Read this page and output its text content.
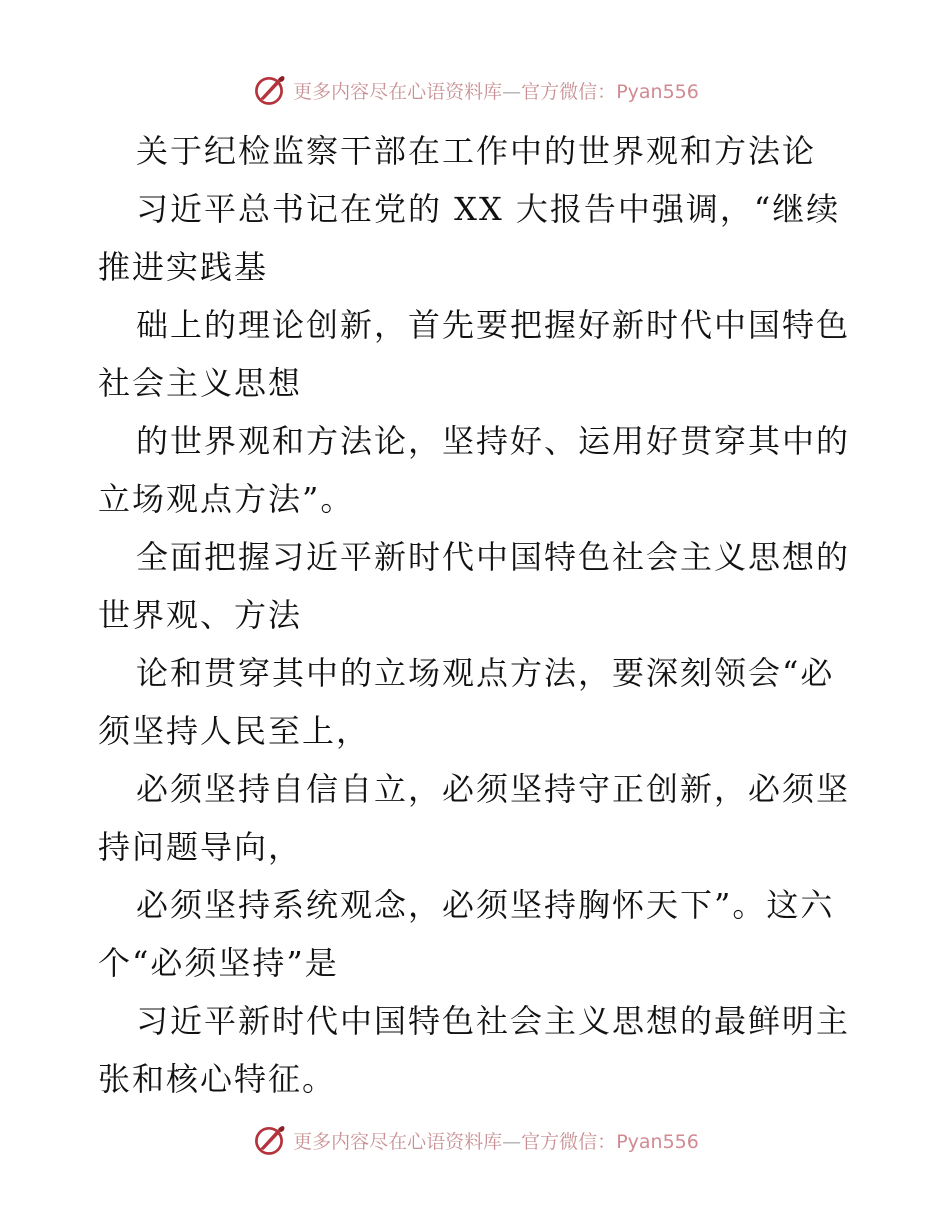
更多内容尽在心语资料库—官方微信：Pyan556
关于纪检监察干部在工作中的世界观和方法论
习近平总书记在党的 XX 大报告中强调，“继续
推进实践基
础上的理论创新，首先要把握好新时代中国特色
社会主义思想
的世界观和方法论，坚持好、运用好贯穿其中的
立场观点方法”。
全面把握习近平新时代中国特色社会主义思想的
世界观、方法
论和贯穿其中的立场观点方法，要深刻领会“必
须坚持人民至上，
必须坚持自信自立，必须坚持守正创新，必须坚
持问题导向，
必须坚持系统观念，必须坚持胸怀天下”。这六
个“必须坚持”是
习近平新时代中国特色社会主义思想的最鲜明主
张和核心特征。
更多内容尽在心语资料库—官方微信：Pyan556
